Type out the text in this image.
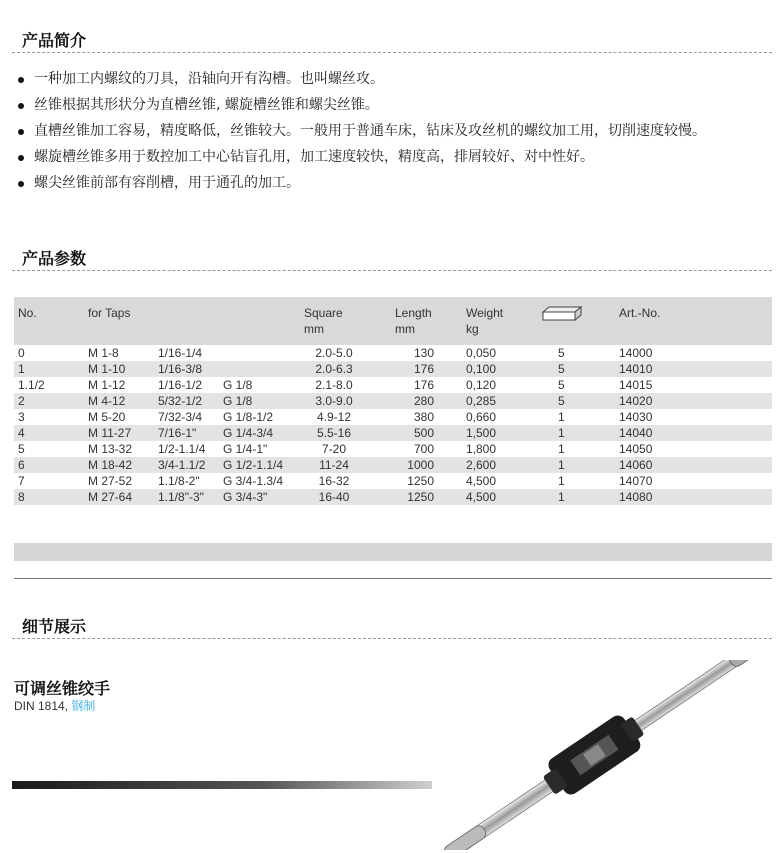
产品简介
一种加工内螺纹的刀具，沿轴向开有沟槽。也叫螺丝攻。
丝锥根据其形状分为直槽丝锥, 螺旋槽丝锥和螺尖丝锥。
直槽丝锥加工容易，精度略低，丝锥较大。一般用于普通车床，钻床及攻丝机的螺纹加工用，切削速度较慢。
螺旋槽丝锥多用于数控加工中心钻盲孔用，加工速度较快，精度高，排屑较好、对中性好。
螺尖丝锥前部有容削槽，用于通孔的加工。
产品参数
No.	for Taps	Square
mm
Length
mm
Weight
kg
Art.-No.
0	M 1-8	1/16-1/4	2.0-5.0	130	0,050	5	14000
1	M 1-10	1/16-3/8	2.0-6.3	176	0,100	5	14010
1.1/2	M 1-12	1/16-1/2 G 1/8	2.1-8.0	176	0,120	5	14015
2	M 4-12	5/32-1/2 G 1/8	3.0-9.0	280	0,285	5	14020
3	M 5-20	7/32-3/4 G 1/8-1/2	4.9-12	380	0,660	1	14030
4	M 11-27 7/16-1" G 1/4-3/4	5.5-16	500	1,500	1	14040
5	M 13-32 1/2-1.1/4 G 1/4-1"	7-20	700	1,800	1	14050
6	M 18-42 3/4-1.1/2 G 1/2-1.1/4	11-24	1000	2,600	1	14060
7	M 27-52 1.1/8-2" G 3/4-1.3/4	16-32	1250	4,500	1	14070
8	M 27-64 1.1/8"-3" G 3/4-3"	16-40	1250	4,500	1	14080
细节展示
可调丝锥绞手
DIN 1814, 钢制
